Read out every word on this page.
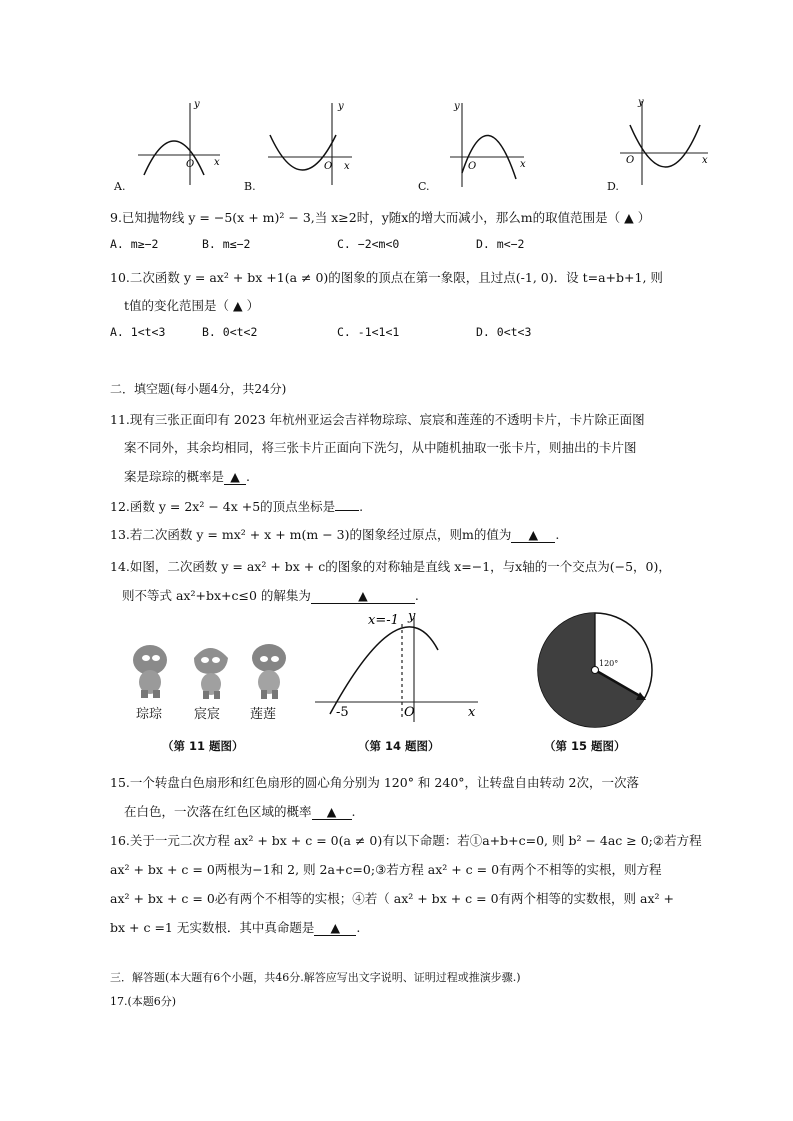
O
y
x	O
y
x	O
y
x	O
y
x
A.	B.	C.	D.
9.已知抛物线 y = −5(x + m)² − 3,当 x≥2时，y随x的增大而减小，那么m的取值范围是（ ▲ ）
A. m≥−2	B. m≤−2	C. −2<m<0	D. m<−2
10.二次函数 y = ax² + bx +1(a ≠ 0)的图象的顶点在第一象限，且过点(-1, 0)．设 t=a+b+1, 则
t值的变化范围是（ ▲ ）
A. 1<t<3	B. 0<t<2	C. -1<1<1	D. 0<t<3
二．填空题(每小题4分，共24分)
11.现有三张正面印有 2023 年杭州亚运会吉祥物琮琮、宸宸和莲莲的不透明卡片，卡片除正面图
案不同外，其余均相同，将三张卡片正面向下洗匀，从中随机抽取一张卡片，则抽出的卡片图
案是琮琮的概率是 ▲ .
12.函数 y = 2x² − 4x +5的顶点坐标是 .
13.若二次函数 y = mx² + x + m(m − 3)的图象经过原点，则m的值为 ▲ .
14.如图，二次函数 y = ax² + bx + c的图象的对称轴是直线 x=−1，与x轴的一个交点为(−5，0)，
则不等式 ax²+bx+c≤0 的解集为	▲	.
琮琮 宸宸 莲莲
x=-1 y
x
O
-5
120°
（第 11 题图）	（第 14 题图）	（第 15 题图）
15.一个转盘白色扇形和红色扇形的圆心角分别为 120° 和 240°，让转盘自由转动 2次，一次落
在白色，一次落在红色区域的概率 ▲ .
16.关于一元二次方程 ax² + bx + c = 0(a ≠ 0)有以下命题：若①a+b+c=0, 则 b² − 4ac ≥ 0;②若方程
ax² + bx + c = 0两根为−1和 2, 则 2a+c=0;③若方程 ax² + c = 0有两个不相等的实根，则方程
ax² + bx + c = 0必有两个不相等的实根；④若（ ax² + bx + c = 0有两个相等的实数根，则 ax² +
bx + c =1 无实数根．其中真命题是 ▲ .
三．解答题(本大题有6个小题，共46分.解答应写出文字说明、证明过程或推演步骤.)
17.(本题6分)
